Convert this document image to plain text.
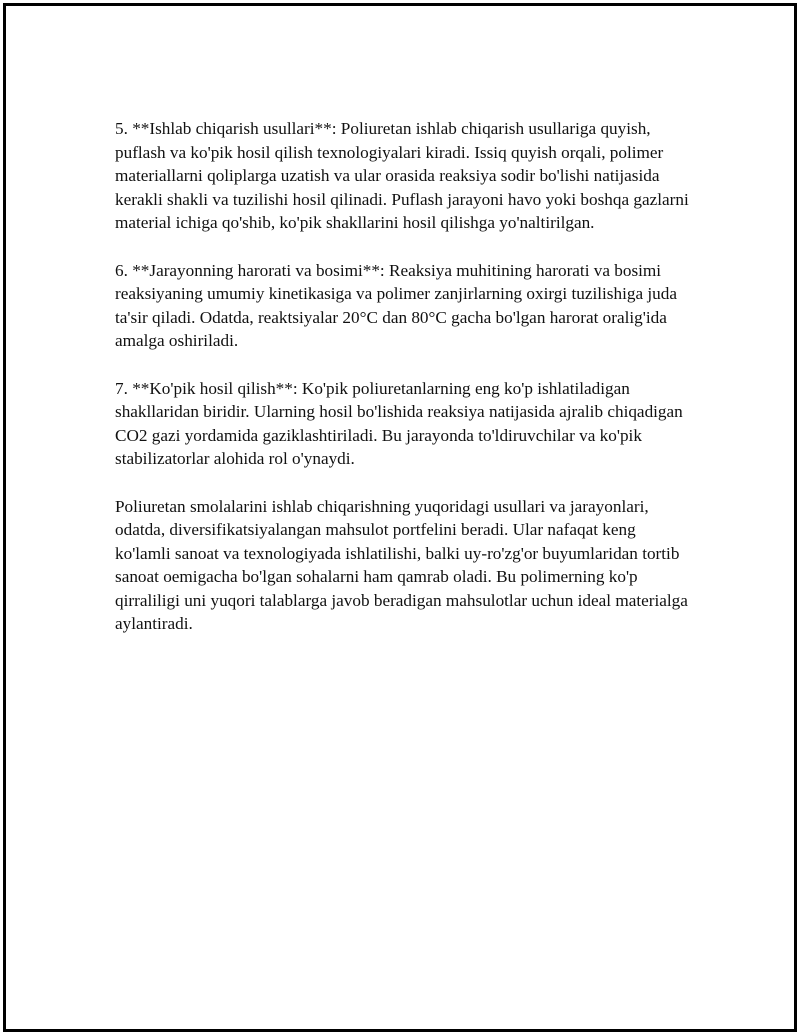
5. **Ishlab chiqarish usullari**: Poliuretan ishlab chiqarish usullariga quyish, puflash va ko'pik hosil qilish texnologiyalari kiradi. Issiq quyish orqali, polimer materiallarni qoliplarga uzatish va ular orasida reaksiya sodir bo'lishi natijasida kerakli shakli va tuzilishi hosil qilinadi. Puflash jarayoni havo yoki boshqa gazlarni material ichiga qo'shib, ko'pik shakllarini hosil qilishga yo'naltirilgan.

6. **Jarayonning harorati va bosimi**: Reaksiya muhitining harorati va bosimi reaksiyaning umumiy kinetikasiga va polimer zanjirlarning oxirgi tuzilishiga juda ta'sir qiladi. Odatda, reaktsiyalar 20°C dan 80°C gacha bo'lgan harorat oralig'ida amalga oshiriladi.

7. **Ko'pik hosil qilish**: Ko'pik poliuretanlarning eng ko'p ishlatiladigan shakllaridan biridir. Ularning hosil bo'lishida reaksiya natijasida ajralib chiqadigan CO2 gazi yordamida gaziklashtiriladi. Bu jarayonda to'ldiruvchilar va ko'pik stabilizatorlar alohida rol o'ynaydi.

Poliuretan smolalarini ishlab chiqarishning yuqoridagi usullari va jarayonlari, odatda, diversifikatsiyalangan mahsulot portfelini beradi. Ular nafaqat keng ko'lamli sanoat va texnologiyada ishlatilishi, balki uy-ro'zg'or buyumlaridan tortib sanoat oemigacha bo'lgan sohalarni ham qamrab oladi. Bu polimerning ko'p qirraliligi uni yuqori talablarga javob beradigan mahsulotlar uchun ideal materialga aylantiradi.
